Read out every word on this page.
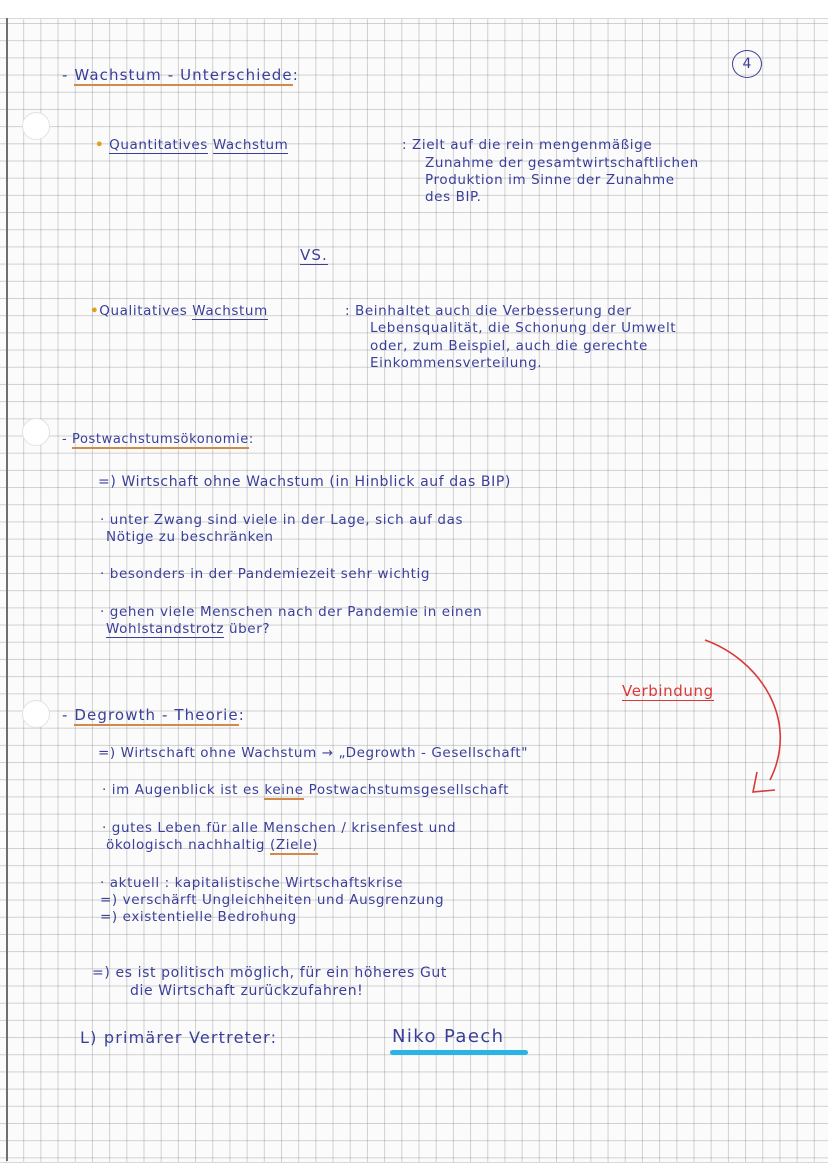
4
- Wachstum - Unterschiede:
• Quantitatives Wachstum	: Zielt auf die rein mengenmäßige
Zunahme der gesamtwirtschaftlichen
Produktion im Sinne der Zunahme
des BIP.
VS.
•Qualitatives Wachstum	: Beinhaltet auch die Verbesserung der
Lebensqualität, die Schonung der Umwelt
oder, zum Beispiel, auch die gerechte
Einkommensverteilung.
- Postwachstumsökonomie:
=) Wirtschaft ohne Wachstum (in Hinblick auf das BIP)
· unter Zwang sind viele in der Lage, sich auf das
Nötige zu beschränken
· besonders in der Pandemiezeit sehr wichtig
· gehen viele Menschen nach der Pandemie in einen
Wohlstandstrotz über?
Verbindung
- Degrowth - Theorie:
=) Wirtschaft ohne Wachstum → „Degrowth - Gesellschaft"
· im Augenblick ist es keine Postwachstumsgesellschaft
· gutes Leben für alle Menschen / krisenfest und
ökologisch nachhaltig (Ziele)
· aktuell : kapitalistische Wirtschaftskrise
=) verschärft Ungleichheiten und Ausgrenzung
=) existentielle Bedrohung
=) es ist politisch möglich, für ein höheres Gut
die Wirtschaft zurückzufahren!
L) primärer Vertreter:	Niko Paech
